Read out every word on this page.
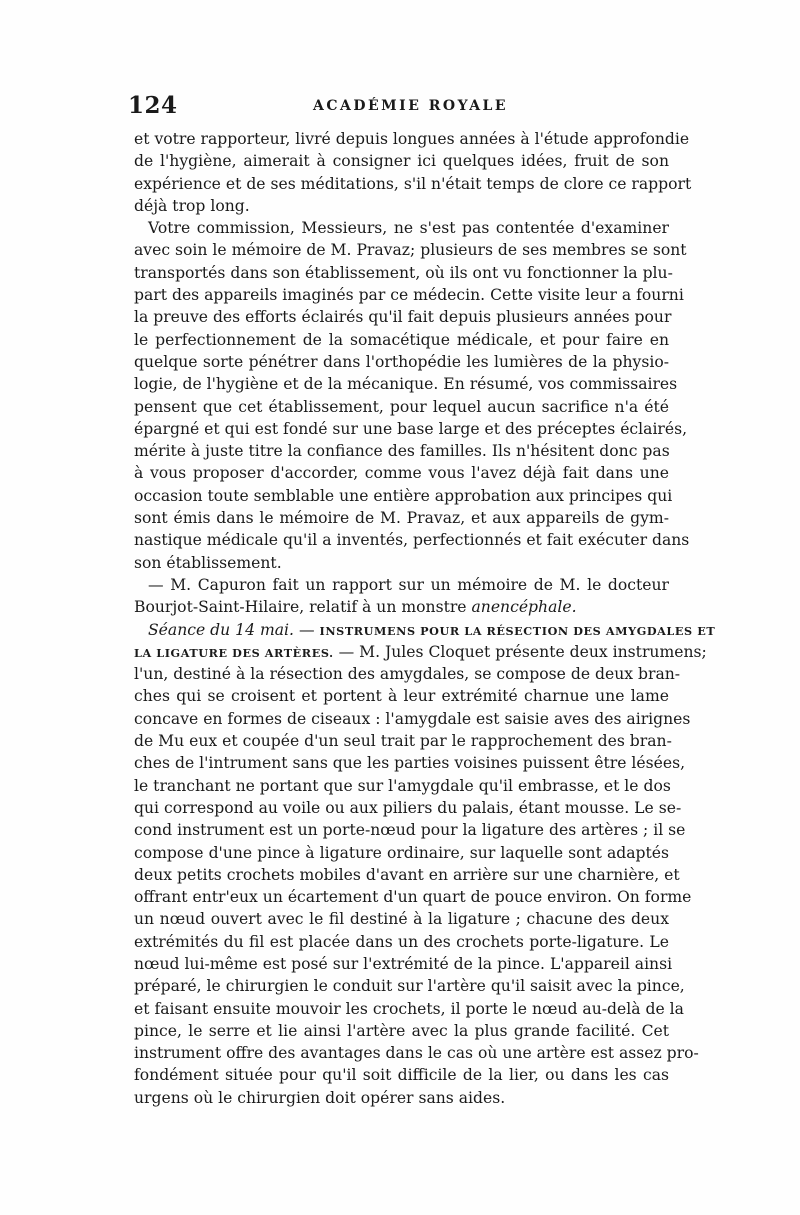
124	ACADÉMIE ROYALE
et votre rapporteur, livré depuis longues années à l'étude approfondie
de l'hygiène, aimerait à consigner ici quelques idées, fruit de son
expérience et de ses méditations, s'il n'était temps de clore ce rapport
déjà trop long.
Votre commission, Messieurs, ne s'est pas contentée d'examiner
avec soin le mémoire de M. Pravaz; plusieurs de ses membres se sont
transportés dans son établissement, où ils ont vu fonctionner la plu-
part des appareils imaginés par ce médecin. Cette visite leur a fourni
la preuve des efforts éclairés qu'il fait depuis plusieurs années pour
le perfectionnement de la somacétique médicale, et pour faire en
quelque sorte pénétrer dans l'orthopédie les lumières de la physio-
logie, de l'hygiène et de la mécanique. En résumé, vos commissaires
pensent que cet établissement, pour lequel aucun sacrifice n'a été
épargné et qui est fondé sur une base large et des préceptes éclairés,
mérite à juste titre la confiance des familles. Ils n'hésitent donc pas
à vous proposer d'accorder, comme vous l'avez déjà fait dans une
occasion toute semblable une entière approbation aux principes qui
sont émis dans le mémoire de M. Pravaz, et aux appareils de gym-
nastique médicale qu'il a inventés, perfectionnés et fait exécuter dans
son établissement.
— M. Capuron fait un rapport sur un mémoire de M. le docteur
Bourjot-Saint-Hilaire, relatif à un monstre anencéphale.
Séance du 14 mai. — INSTRUMENS POUR LA RÉSECTION DES AMYGDALES ET
LA LIGATURE DES ARTÈRES. — M. Jules Cloquet présente deux instrumens;
l'un, destiné à la résection des amygdales, se compose de deux bran-
ches qui se croisent et portent à leur extrémité charnue une lame
concave en formes de ciseaux : l'amygdale est saisie aves des airignes
de Mu eux et coupée d'un seul trait par le rapprochement des bran-
ches de l'intrument sans que les parties voisines puissent être lésées,
le tranchant ne portant que sur l'amygdale qu'il embrasse, et le dos
qui correspond au voile ou aux piliers du palais, étant mousse. Le se-
cond instrument est un porte-nœud pour la ligature des artères ; il se
compose d'une pince à ligature ordinaire, sur laquelle sont adaptés
deux petits crochets mobiles d'avant en arrière sur une charnière, et
offrant entr'eux un écartement d'un quart de pouce environ. On forme
un nœud ouvert avec le fil destiné à la ligature ; chacune des deux
extrémités du fil est placée dans un des crochets porte-ligature. Le
nœud lui-même est posé sur l'extrémité de la pince. L'appareil ainsi
préparé, le chirurgien le conduit sur l'artère qu'il saisit avec la pince,
et faisant ensuite mouvoir les crochets, il porte le nœud au-delà de la
pince, le serre et lie ainsi l'artère avec la plus grande facilité. Cet
instrument offre des avantages dans le cas où une artère est assez pro-
fondément située pour qu'il soit difficile de la lier, ou dans les cas
urgens où le chirurgien doit opérer sans aides.
